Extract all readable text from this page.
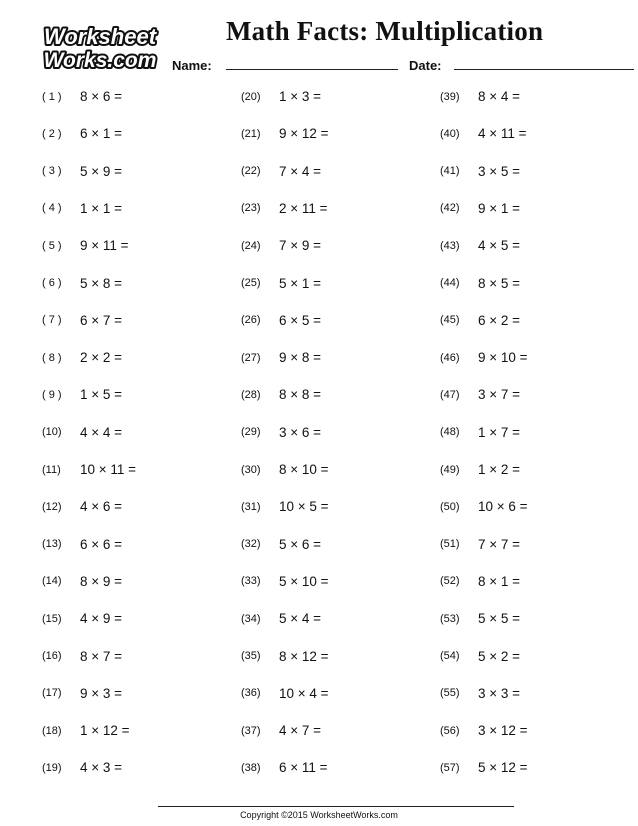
Worksheet
Works.com
Math Facts: Multiplication
Name:	Date:
( 1 ) 8 × 6 =
( 2 ) 6 × 1 =
( 3 ) 5 × 9 =
( 4 ) 1 × 1 =
( 5 ) 9 × 11 =
( 6 ) 5 × 8 =
( 7 ) 6 × 7 =
( 8 ) 2 × 2 =
( 9 ) 1 × 5 =
(10) 4 × 4 =
(11) 10 × 11 =
(12) 4 × 6 =
(13) 6 × 6 =
(14) 8 × 9 =
(15) 4 × 9 =
(16) 8 × 7 =
(17) 9 × 3 =
(18) 1 × 12 =
(19) 4 × 3 =
(20) 1 × 3 =
(21) 9 × 12 =
(22) 7 × 4 =
(23) 2 × 11 =
(24) 7 × 9 =
(25) 5 × 1 =
(26) 6 × 5 =
(27) 9 × 8 =
(28) 8 × 8 =
(29) 3 × 6 =
(30) 8 × 10 =
(31) 10 × 5 =
(32) 5 × 6 =
(33) 5 × 10 =
(34) 5 × 4 =
(35) 8 × 12 =
(36) 10 × 4 =
(37) 4 × 7 =
(38) 6 × 11 =
(39) 8 × 4 =
(40) 4 × 11 =
(41) 3 × 5 =
(42) 9 × 1 =
(43) 4 × 5 =
(44) 8 × 5 =
(45) 6 × 2 =
(46) 9 × 10 =
(47) 3 × 7 =
(48) 1 × 7 =
(49) 1 × 2 =
(50) 10 × 6 =
(51) 7 × 7 =
(52) 8 × 1 =
(53) 5 × 5 =
(54) 5 × 2 =
(55) 3 × 3 =
(56) 3 × 12 =
(57) 5 × 12 =
Copyright ©2015 WorksheetWorks.com
